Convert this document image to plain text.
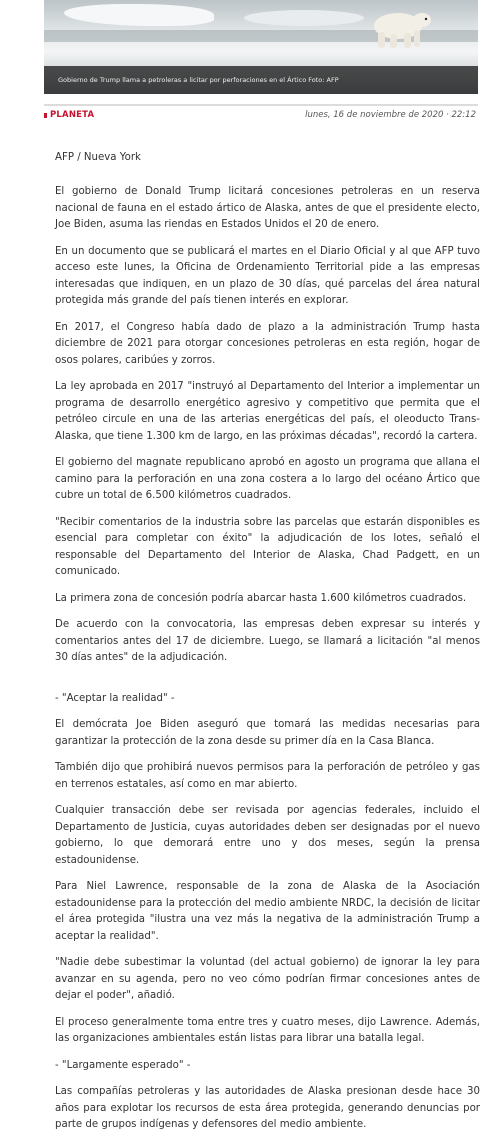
Gobierno de Trump llama a petroleras a licitar por perforaciones en el Ártico Foto: AFP
PLANETA	lunes, 16 de noviembre de 2020 · 22:12
AFP / Nueva York

El gobierno de Donald Trump licitará concesiones petroleras en un reserva nacional de fauna en el estado ártico de Alaska, antes de que el presidente electo, Joe Biden, asuma las riendas en Estados Unidos el 20 de enero.

En un documento que se publicará el martes en el Diario Oficial y al que AFP tuvo acceso este lunes, la Oficina de Ordenamiento Territorial pide a las empresas interesadas que indiquen, en un plazo de 30 días, qué parcelas del área natural protegida más grande del país tienen interés en explorar.

En 2017, el Congreso había dado de plazo a la administración Trump hasta diciembre de 2021 para otorgar concesiones petroleras en esta región, hogar de osos polares, caribúes y zorros.

La ley aprobada en 2017 "instruyó al Departamento del Interior a implementar un programa de desarrollo energético agresivo y competitivo que permita que el petróleo circule en una de las arterias energéticas del país, el oleoducto Trans-Alaska, que tiene 1.300 km de largo, en las próximas décadas", recordó la cartera.

El gobierno del magnate republicano aprobó en agosto un programa que allana el camino para la perforación en una zona costera a lo largo del océano Ártico que cubre un total de 6.500 kilómetros cuadrados.

"Recibir comentarios de la industria sobre las parcelas que estarán disponibles es esencial para completar con éxito" la adjudicación de los lotes, señaló el responsable del Departamento del Interior de Alaska, Chad Padgett, en un comunicado.

La primera zona de concesión podría abarcar hasta 1.600 kilómetros cuadrados.

De acuerdo con la convocatoria, las empresas deben expresar su interés y comentarios antes del 17 de diciembre. Luego, se llamará a licitación "al menos 30 días antes" de la adjudicación.

- "Aceptar la realidad" -

El demócrata Joe Biden aseguró que tomará las medidas necesarias para garantizar la protección de la zona desde su primer día en la Casa Blanca.

También dijo que prohibirá nuevos permisos para la perforación de petróleo y gas en terrenos estatales, así como en mar abierto.

Cualquier transacción debe ser revisada por agencias federales, incluido el Departamento de Justicia, cuyas autoridades deben ser designadas por el nuevo gobierno, lo que demorará entre uno y dos meses, según la prensa estadounidense.

Para Niel Lawrence, responsable de la zona de Alaska de la Asociación estadounidense para la protección del medio ambiente NRDC, la decisión de licitar el área protegida "ilustra una vez más la negativa de la administración Trump a aceptar la realidad".

"Nadie debe subestimar la voluntad (del actual gobierno) de ignorar la ley para avanzar en su agenda, pero no veo cómo podrían firmar concesiones antes de dejar el poder", añadió.

El proceso generalmente toma entre tres y cuatro meses, dijo Lawrence. Además, las organizaciones ambientales están listas para librar una batalla legal.

- "Largamente esperado" -

Las compañías petroleras y las autoridades de Alaska presionan desde hace 30 años para explotar los recursos de esta área protegida, generando denuncias por parte de grupos indígenas y defensores del medio ambiente.
